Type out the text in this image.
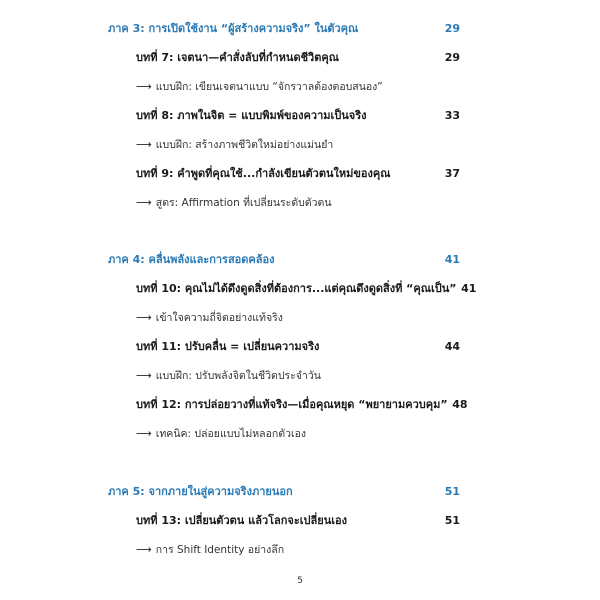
ภาค 3: การเปิดใช้งาน “ผู้สร้างความจริง” ในตัวคุณ	29
บทที่ 7: เจตนา—คำสั่งลับที่กำหนดชีวิตคุณ	29
⟶ แบบฝึก: เขียนเจตนาแบบ “จักรวาลต้องตอบสนอง”
บทที่ 8: ภาพในจิต = แบบพิมพ์ของความเป็นจริง	33
⟶ แบบฝึก: สร้างภาพชีวิตใหม่อย่างแม่นยำ
บทที่ 9: คำพูดที่คุณใช้...กำลังเขียนตัวตนใหม่ของคุณ	37
⟶ สูตร: Affirmation ที่เปลี่ยนระดับตัวตน
ภาค 4: คลื่นพลังและการสอดคล้อง	41
บทที่ 10: คุณไม่ได้ดึงดูดสิ่งที่ต้องการ...แต่คุณดึงดูดสิ่งที่ “คุณเป็น” 41
⟶ เข้าใจความถี่จิตอย่างแท้จริง
บทที่ 11: ปรับคลื่น = เปลี่ยนความจริง	44
⟶ แบบฝึก: ปรับพลังจิตในชีวิตประจำวัน
บทที่ 12: การปล่อยวางที่แท้จริง—เมื่อคุณหยุด “พยายามควบคุม” 48
⟶ เทคนิค: ปล่อยแบบไม่หลอกตัวเอง
ภาค 5: จากภายในสู่ความจริงภายนอก	51
บทที่ 13: เปลี่ยนตัวตน แล้วโลกจะเปลี่ยนเอง	51
⟶ การ Shift Identity อย่างลึก
5
